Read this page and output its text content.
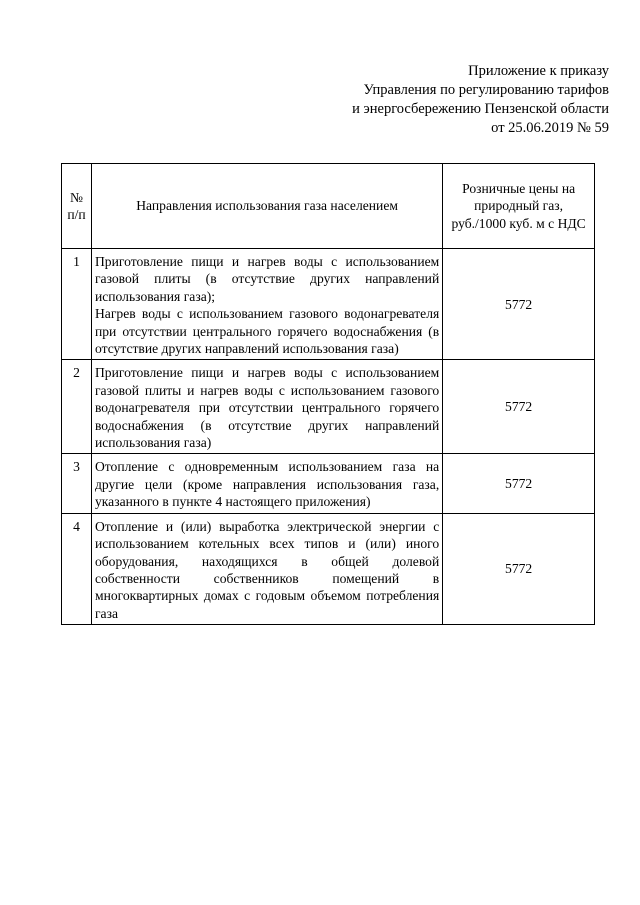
Приложение к приказу
Управления по регулированию тарифов
и энергосбережению Пензенской области
от 25.06.2019 № 59
№
п/п	Направления использования газа населением	Розничные цены на природный газ, руб./1000 куб. м с НДС
1	Приготовление пищи и нагрев воды с использованием газовой плиты (в отсутствие других направлений использования газа);
Нагрев воды с использованием газового водонагревателя при отсутствии центрального горячего водоснабжения (в отсутствие других направлений использования газа)	5772
2	Приготовление пищи и нагрев воды с использованием газовой плиты и нагрев воды с использованием газового водонагревателя при отсутствии центрального горячего водоснабжения (в отсутствие других направлений использования газа)	5772
3	Отопление с одновременным использованием газа на другие цели (кроме направления использования газа, указанного в пункте 4 настоящего приложения)	5772
4	Отопление и (или) выработка электрической энергии с использованием котельных всех типов и (или) иного оборудования, находящихся в общей долевой собственности собственников помещений в многоквартирных домах с годовым объемом потребления газа	5772
